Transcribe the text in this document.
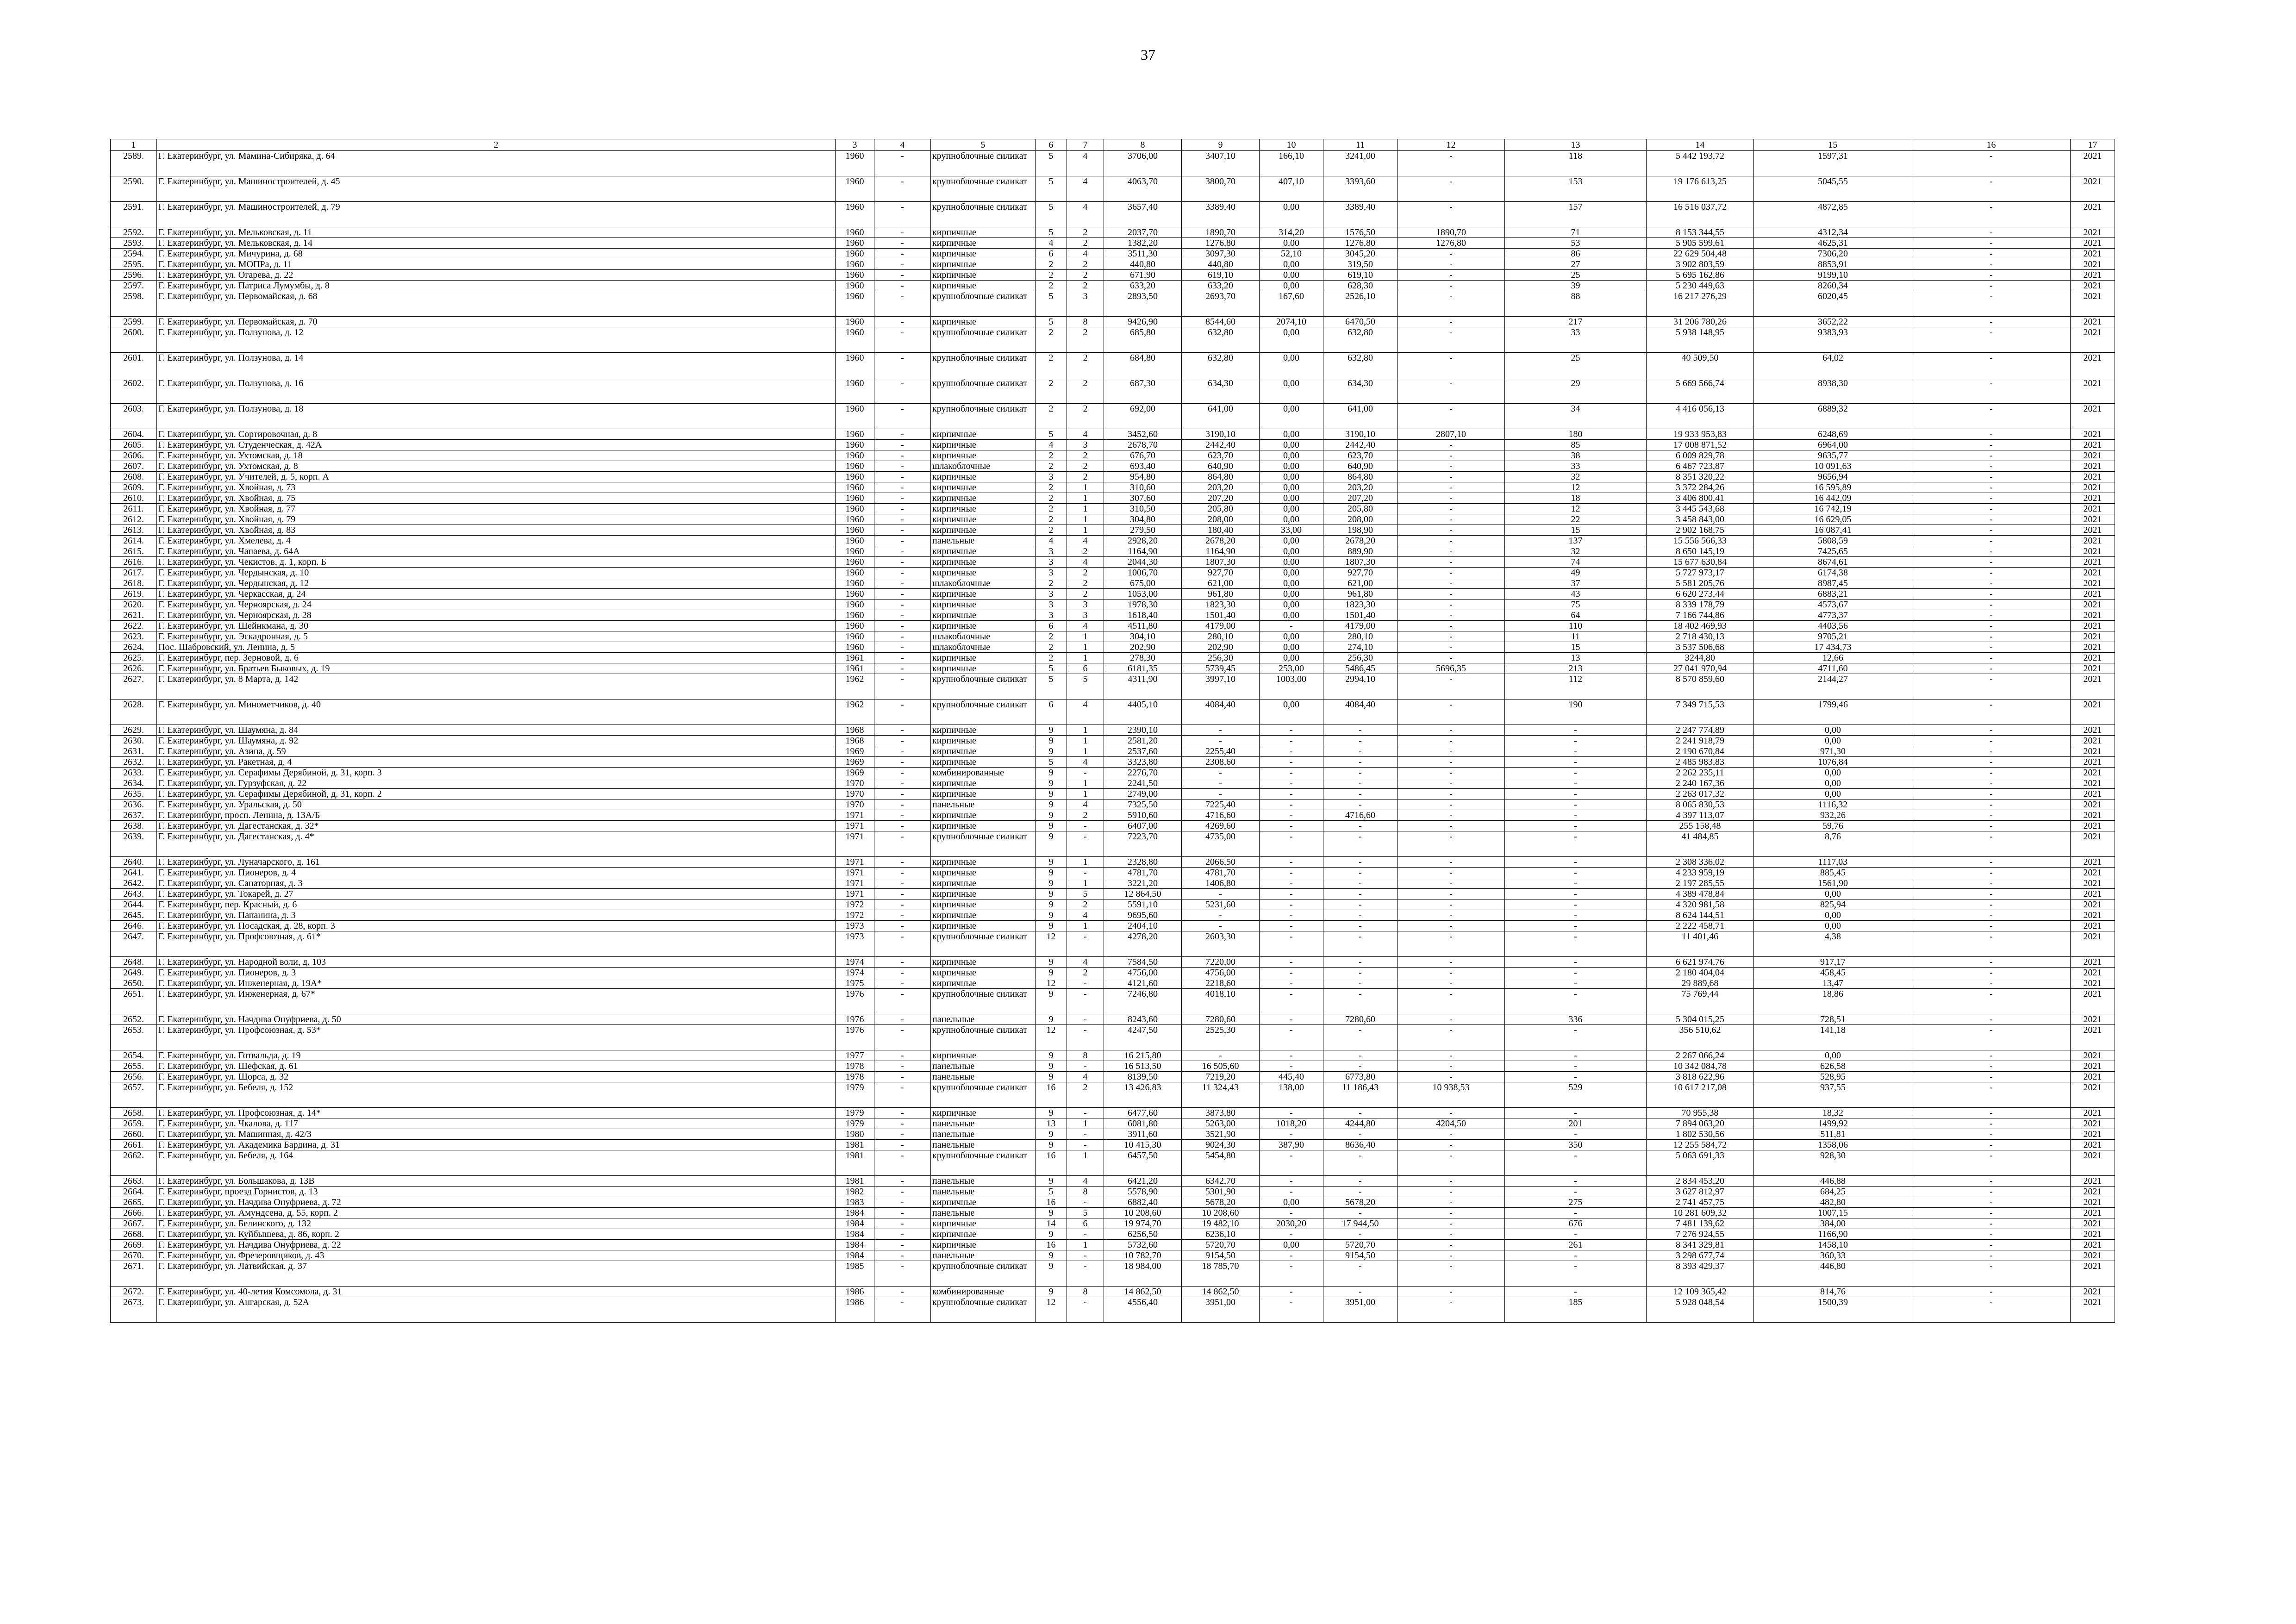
37
1	2	3	4	5	6	7	8	9	10	11	12	13	14	15	16	17
2589.	Г. Екатеринбург, ул. Мамина-Сибиряка, д. 64	1960	-	крупноблочные силикат	5	4	3706,00	3407,10	166,10	3241,00	-	118	5 442 193,72	1597,31	-	2021
2590.	Г. Екатеринбург, ул. Машиностроителей, д. 45	1960	-	крупноблочные силикат	5	4	4063,70	3800,70	407,10	3393,60	-	153	19 176 613,25	5045,55	-	2021
2591.	Г. Екатеринбург, ул. Машиностроителей, д. 79	1960	-	крупноблочные силикат	5	4	3657,40	3389,40	0,00	3389,40	-	157	16 516 037,72	4872,85	-	2021
2592.	Г. Екатеринбург, ул. Мельковская, д. 11	1960	-	кирпичные	5	2	2037,70	1890,70	314,20	1576,50	1890,70	71	8 153 344,55	4312,34	-	2021
2593.	Г. Екатеринбург, ул. Мельковская, д. 14	1960	-	кирпичные	4	2	1382,20	1276,80	0,00	1276,80	1276,80	53	5 905 599,61	4625,31	-	2021
2594.	Г. Екатеринбург, ул. Мичурина, д. 68	1960	-	кирпичные	6	4	3511,30	3097,30	52,10	3045,20	-	86	22 629 504,48	7306,20	-	2021
2595.	Г. Екатеринбург, ул. МОПРа, д. 11	1960	-	кирпичные	2	2	440,80	440,80	0,00	319,50	-	27	3 902 803,59	8853,91	-	2021
2596.	Г. Екатеринбург, ул. Огарева, д. 22	1960	-	кирпичные	2	2	671,90	619,10	0,00	619,10	-	25	5 695 162,86	9199,10	-	2021
2597.	Г. Екатеринбург, ул. Патриса Лумумбы, д. 8	1960	-	кирпичные	2	2	633,20	633,20	0,00	628,30	-	39	5 230 449,63	8260,34	-	2021
2598.	Г. Екатеринбург, ул. Первомайская, д. 68	1960	-	крупноблочные силикат	5	3	2893,50	2693,70	167,60	2526,10	-	88	16 217 276,29	6020,45	-	2021
2599.	Г. Екатеринбург, ул. Первомайская, д. 70	1960	-	кирпичные	5	8	9426,90	8544,60	2074,10	6470,50	-	217	31 206 780,26	3652,22	-	2021
2600.	Г. Екатеринбург, ул. Ползунова, д. 12	1960	-	крупноблочные силикат	2	2	685,80	632,80	0,00	632,80	-	33	5 938 148,95	9383,93	-	2021
2601.	Г. Екатеринбург, ул. Ползунова, д. 14	1960	-	крупноблочные силикат	2	2	684,80	632,80	0,00	632,80	-	25	40 509,50	64,02	-	2021
2602.	Г. Екатеринбург, ул. Ползунова, д. 16	1960	-	крупноблочные силикат	2	2	687,30	634,30	0,00	634,30	-	29	5 669 566,74	8938,30	-	2021
2603.	Г. Екатеринбург, ул. Ползунова, д. 18	1960	-	крупноблочные силикат	2	2	692,00	641,00	0,00	641,00	-	34	4 416 056,13	6889,32	-	2021
2604.	Г. Екатеринбург, ул. Сортировочная, д. 8	1960	-	кирпичные	5	4	3452,60	3190,10	0,00	3190,10	2807,10	180	19 933 953,83	6248,69	-	2021
2605.	Г. Екатеринбург, ул. Студенческая, д. 42А	1960	-	кирпичные	4	3	2678,70	2442,40	0,00	2442,40	-	85	17 008 871,52	6964,00	-	2021
2606.	Г. Екатеринбург, ул. Ухтомская, д. 18	1960	-	кирпичные	2	2	676,70	623,70	0,00	623,70	-	38	6 009 829,78	9635,77	-	2021
2607.	Г. Екатеринбург, ул. Ухтомская, д. 8	1960	-	шлакоблочные	2	2	693,40	640,90	0,00	640,90	-	33	6 467 723,87	10 091,63	-	2021
2608.	Г. Екатеринбург, ул. Учителей, д. 5, корп. А	1960	-	кирпичные	3	2	954,80	864,80	0,00	864,80	-	32	8 351 320,22	9656,94	-	2021
2609.	Г. Екатеринбург, ул. Хвойная, д. 73	1960	-	кирпичные	2	1	310,60	203,20	0,00	203,20	-	12	3 372 284,26	16 595,89	-	2021
2610.	Г. Екатеринбург, ул. Хвойная, д. 75	1960	-	кирпичные	2	1	307,60	207,20	0,00	207,20	-	18	3 406 800,41	16 442,09	-	2021
2611.	Г. Екатеринбург, ул. Хвойная, д. 77	1960	-	кирпичные	2	1	310,50	205,80	0,00	205,80	-	12	3 445 543,68	16 742,19	-	2021
2612.	Г. Екатеринбург, ул. Хвойная, д. 79	1960	-	кирпичные	2	1	304,80	208,00	0,00	208,00	-	22	3 458 843,00	16 629,05	-	2021
2613.	Г. Екатеринбург, ул. Хвойная, д. 83	1960	-	кирпичные	2	1	279,50	180,40	33,00	198,90	-	15	2 902 168,75	16 087,41	-	2021
2614.	Г. Екатеринбург, ул. Хмелева, д. 4	1960	-	панельные	4	4	2928,20	2678,20	0,00	2678,20	-	137	15 556 566,33	5808,59	-	2021
2615.	Г. Екатеринбург, ул. Чапаева, д. 64А	1960	-	кирпичные	3	2	1164,90	1164,90	0,00	889,90	-	32	8 650 145,19	7425,65	-	2021
2616.	Г. Екатеринбург, ул. Чекистов, д. 1, корп. Б	1960	-	кирпичные	3	4	2044,30	1807,30	0,00	1807,30	-	74	15 677 630,84	8674,61	-	2021
2617.	Г. Екатеринбург, ул. Чердынская, д. 10	1960	-	кирпичные	3	2	1006,70	927,70	0,00	927,70	-	49	5 727 973,17	6174,38	-	2021
2618.	Г. Екатеринбург, ул. Чердынская, д. 12	1960	-	шлакоблочные	2	2	675,00	621,00	0,00	621,00	-	37	5 581 205,76	8987,45	-	2021
2619.	Г. Екатеринбург, ул. Черкасская, д. 24	1960	-	кирпичные	3	2	1053,00	961,80	0,00	961,80	-	43	6 620 273,44	6883,21	-	2021
2620.	Г. Екатеринбург, ул. Черноярская, д. 24	1960	-	кирпичные	3	3	1978,30	1823,30	0,00	1823,30	-	75	8 339 178,79	4573,67	-	2021
2621.	Г. Екатеринбург, ул. Черноярская, д. 28	1960	-	кирпичные	3	3	1618,40	1501,40	0,00	1501,40	-	64	7 166 744,86	4773,37	-	2021
2622.	Г. Екатеринбург, ул. Шейнкмана, д. 30	1960	-	кирпичные	6	4	4511,80	4179,00	-	4179,00	-	110	18 402 469,93	4403,56	-	2021
2623.	Г. Екатеринбург, ул. Эскадронная, д. 5	1960	-	шлакоблочные	2	1	304,10	280,10	0,00	280,10	-	11	2 718 430,13	9705,21	-	2021
2624.	Пос. Шабровский, ул. Ленина, д. 5	1960	-	шлакоблочные	2	1	202,90	202,90	0,00	274,10	-	15	3 537 506,68	17 434,73	-	2021
2625.	Г. Екатеринбург, пер. Зерновой, д. 6	1961	-	кирпичные	2	1	278,30	256,30	0,00	256,30	-	13	3244,80	12,66	-	2021
2626.	Г. Екатеринбург, ул. Братьев Быковых, д. 19	1961	-	кирпичные	5	6	6181,35	5739,45	253,00	5486,45	5696,35	213	27 041 970,94	4711,60	-	2021
2627.	Г. Екатеринбург, ул. 8 Марта, д. 142	1962	-	крупноблочные силикат	5	5	4311,90	3997,10	1003,00	2994,10	-	112	8 570 859,60	2144,27	-	2021
2628.	Г. Екатеринбург, ул. Минометчиков, д. 40	1962	-	крупноблочные силикат	6	4	4405,10	4084,40	0,00	4084,40	-	190	7 349 715,53	1799,46	-	2021
2629.	Г. Екатеринбург, ул. Шаумяна, д. 84	1968	-	кирпичные	9	1	2390,10	-	-	-	-	-	2 247 774,89	0,00	-	2021
2630.	Г. Екатеринбург, ул. Шаумяна, д. 92	1968	-	кирпичные	9	1	2581,20	-	-	-	-	-	2 241 918,79	0,00	-	2021
2631.	Г. Екатеринбург, ул. Азина, д. 59	1969	-	кирпичные	9	1	2537,60	2255,40	-	-	-	-	2 190 670,84	971,30	-	2021
2632.	Г. Екатеринбург, ул. Ракетная, д. 4	1969	-	кирпичные	5	4	3323,80	2308,60	-	-	-	-	2 485 983,83	1076,84	-	2021
2633.	Г. Екатеринбург, ул. Серафимы Дерябиной, д. 31, корп. 3	1969	-	комбинированные	9	-	2276,70	-	-	-	-	-	2 262 235,11	0,00	-	2021
2634.	Г. Екатеринбург, ул. Гурзуфская, д. 22	1970	-	кирпичные	9	1	2241,50	-	-	-	-	-	2 240 167,36	0,00	-	2021
2635.	Г. Екатеринбург, ул. Серафимы Дерябиной, д. 31, корп. 2	1970	-	кирпичные	9	1	2749,00	-	-	-	-	-	2 263 017,32	0,00	-	2021
2636.	Г. Екатеринбург, ул. Уральская, д. 50	1970	-	панельные	9	4	7325,50	7225,40	-	-	-	-	8 065 830,53	1116,32	-	2021
2637.	Г. Екатеринбург, просп. Ленина, д. 13А/Б	1971	-	кирпичные	9	2	5910,60	4716,60	-	4716,60	-	-	4 397 113,07	932,26	-	2021
2638.	Г. Екатеринбург, ул. Дагестанская, д. 32*	1971	-	кирпичные	9	-	6407,00	4269,60	-	-	-	-	255 158,48	59,76	-	2021
2639.	Г. Екатеринбург, ул. Дагестанская, д. 4*	1971	-	крупноблочные силикат	9	-	7223,70	4735,00	-	-	-	-	41 484,85	8,76	-	2021
2640.	Г. Екатеринбург, ул. Луначарского, д. 161	1971	-	кирпичные	9	1	2328,80	2066,50	-	-	-	-	2 308 336,02	1117,03	-	2021
2641.	Г. Екатеринбург, ул. Пионеров, д. 4	1971	-	кирпичные	9	-	4781,70	4781,70	-	-	-	-	4 233 959,19	885,45	-	2021
2642.	Г. Екатеринбург, ул. Санаторная, д. 3	1971	-	кирпичные	9	1	3221,20	1406,80	-	-	-	-	2 197 285,55	1561,90	-	2021
2643.	Г. Екатеринбург, ул. Токарей, д. 27	1971	-	кирпичные	9	5	12 864,50	-	-	-	-	-	4 389 478,84	0,00	-	2021
2644.	Г. Екатеринбург, пер. Красный, д. 6	1972	-	кирпичные	9	2	5591,10	5231,60	-	-	-	-	4 320 981,58	825,94	-	2021
2645.	Г. Екатеринбург, ул. Папанина, д. 3	1972	-	кирпичные	9	4	9695,60	-	-	-	-	-	8 624 144,51	0,00	-	2021
2646.	Г. Екатеринбург, ул. Посадская, д. 28, корп. 3	1973	-	кирпичные	9	1	2404,10	-	-	-	-	-	2 222 458,71	0,00	-	2021
2647.	Г. Екатеринбург, ул. Профсоюзная, д. 61*	1973	-	крупноблочные силикат	12	-	4278,20	2603,30	-	-	-	-	11 401,46	4,38	-	2021
2648.	Г. Екатеринбург, ул. Народной воли, д. 103	1974	-	кирпичные	9	4	7584,50	7220,00	-	-	-	-	6 621 974,76	917,17	-	2021
2649.	Г. Екатеринбург, ул. Пионеров, д. 3	1974	-	кирпичные	9	2	4756,00	4756,00	-	-	-	-	2 180 404,04	458,45	-	2021
2650.	Г. Екатеринбург, ул. Инженерная, д. 19А*	1975	-	кирпичные	12	-	4121,60	2218,60	-	-	-	-	29 889,68	13,47	-	2021
2651.	Г. Екатеринбург, ул. Инженерная, д. 67*	1976	-	крупноблочные силикат	9	-	7246,80	4018,10	-	-	-	-	75 769,44	18,86	-	2021
2652.	Г. Екатеринбург, ул. Начдива Онуфриева, д. 50	1976	-	панельные	9	-	8243,60	7280,60	-	7280,60	-	336	5 304 015,25	728,51	-	2021
2653.	Г. Екатеринбург, ул. Профсоюзная, д. 53*	1976	-	крупноблочные силикат	12	-	4247,50	2525,30	-	-	-	-	356 510,62	141,18	-	2021
2654.	Г. Екатеринбург, ул. Готвальда, д. 19	1977	-	кирпичные	9	8	16 215,80	-	-	-	-	-	2 267 066,24	0,00	-	2021
2655.	Г. Екатеринбург, ул. Шефская, д. 61	1978	-	панельные	9	-	16 513,50	16 505,60	-	-	-	-	10 342 084,78	626,58	-	2021
2656.	Г. Екатеринбург, ул. Щорса, д. 32	1978	-	панельные	9	4	8139,50	7219,20	445,40	6773,80	-	-	3 818 622,96	528,95	-	2021
2657.	Г. Екатеринбург, ул. Бебеля, д. 152	1979	-	крупноблочные силикат	16	2	13 426,83	11 324,43	138,00	11 186,43	10 938,53	529	10 617 217,08	937,55	-	2021
2658.	Г. Екатеринбург, ул. Профсоюзная, д. 14*	1979	-	кирпичные	9	-	6477,60	3873,80	-	-	-	-	70 955,38	18,32	-	2021
2659.	Г. Екатеринбург, ул. Чкалова, д. 117	1979	-	панельные	13	1	6081,80	5263,00	1018,20	4244,80	4204,50	201	7 894 063,20	1499,92	-	2021
2660.	Г. Екатеринбург, ул. Машинная, д. 42/3	1980	-	панельные	9	-	3911,60	3521,90	-	-	-	-	1 802 530,56	511,81	-	2021
2661.	Г. Екатеринбург, ул. Академика Бардина, д. 31	1981	-	панельные	9	-	10 415,30	9024,30	387,90	8636,40	-	350	12 255 584,72	1358,06	-	2021
2662.	Г. Екатеринбург, ул. Бебеля, д. 164	1981	-	крупноблочные силикат	16	1	6457,50	5454,80	-	-	-	-	5 063 691,33	928,30	-	2021
2663.	Г. Екатеринбург, ул. Большакова, д. 13В	1981	-	панельные	9	4	6421,20	6342,70	-	-	-	-	2 834 453,20	446,88	-	2021
2664.	Г. Екатеринбург, проезд Горнистов, д. 13	1982	-	панельные	5	8	5578,90	5301,90	-	-	-	-	3 627 812,97	684,25	-	2021
2665.	Г. Екатеринбург, ул. Начдива Онуфриева, д. 72	1983	-	кирпичные	16	-	6882,40	5678,20	0,00	5678,20	-	275	2 741 457,75	482,80	-	2021
2666.	Г. Екатеринбург, ул. Амундсена, д. 55, корп. 2	1984	-	панельные	9	5	10 208,60	10 208,60	-	-	-	-	10 281 609,32	1007,15	-	2021
2667.	Г. Екатеринбург, ул. Белинского, д. 132	1984	-	кирпичные	14	6	19 974,70	19 482,10	2030,20	17 944,50	-	676	7 481 139,62	384,00	-	2021
2668.	Г. Екатеринбург, ул. Куйбышева, д. 86, корп. 2	1984	-	кирпичные	9	-	6256,50	6236,10	-	-	-	-	7 276 924,55	1166,90	-	2021
2669.	Г. Екатеринбург, ул. Начдива Онуфриева, д. 22	1984	-	кирпичные	16	1	5732,60	5720,70	0,00	5720,70	-	261	8 341 329,81	1458,10	-	2021
2670.	Г. Екатеринбург, ул. Фрезеровщиков, д. 43	1984	-	панельные	9	-	10 782,70	9154,50	-	9154,50	-	-	3 298 677,74	360,33	-	2021
2671.	Г. Екатеринбург, ул. Латвийская, д. 37	1985	-	крупноблочные силикат	9	-	18 984,00	18 785,70	-	-	-	-	8 393 429,37	446,80	-	2021
2672.	Г. Екатеринбург, ул. 40-летия Комсомола, д. 31	1986	-	комбинированные	9	8	14 862,50	14 862,50	-	-	-	-	12 109 365,42	814,76	-	2021
2673.	Г. Екатеринбург, ул. Ангарская, д. 52А	1986	-	крупноблочные силикат	12	-	4556,40	3951,00	-	3951,00	-	185	5 928 048,54	1500,39	-	2021
